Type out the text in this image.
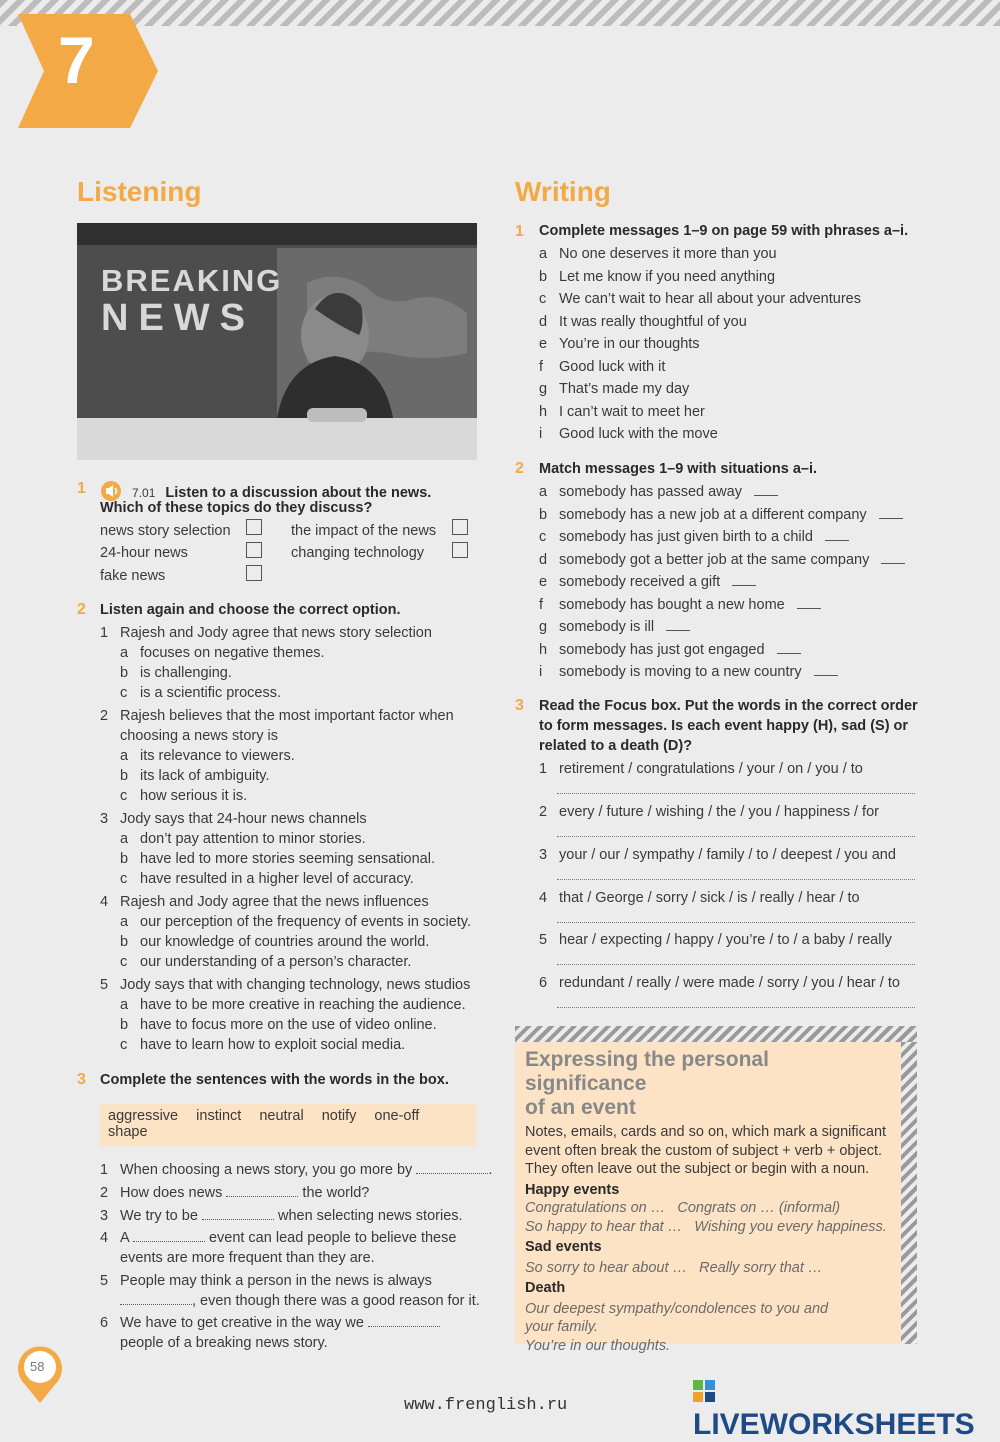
7
Listening
BREAKING
NEWS
1	7.01 Listen to a discussion about the news.
Which of these topics do they discuss?
news story selection
24-hour news
fake news
the impact of the news
changing technology
2 Listen again and choose the correct option.
1 Rajesh and Jody agree that news story selection
a focuses on negative themes.
b is challenging.
c is a scientific process.
2 Rajesh believes that the most important factor when
choosing a news story is
a its relevance to viewers.
b its lack of ambiguity.
c how serious it is.
3 Jody says that 24-hour news channels
a don’t pay attention to minor stories.
b have led to more stories seeming sensational.
c have resulted in a higher level of accuracy.
4 Rajesh and Jody agree that the news influences
a our perception of the frequency of events in society.
b our knowledge of countries around the world.
c our understanding of a person’s character.
5 Jody says that with changing technology, news studios
a have to be more creative in reaching the audience.
b have to focus more on the use of video online.
c have to learn how to exploit social media.
3 Complete the sentences with the words in the box.
aggressive instinct neutral notify one-off
shape
1 When choosing a news story, you go more by	.
2 How does news	the world?
3 We try to be	when selecting news stories.
4 A	event can lead people to believe these
events are more frequent than they are.
5 People may think a person in the news is always
, even though there was a good reason for it.
6 We have to get creative in the way we
people of a breaking news story.
Writing
1 Complete messages 1–9 on page 59 with phrases a–i.
a No one deserves it more than you
b Let me know if you need anything
c We can’t wait to hear all about your adventures
d It was really thoughtful of you
e You’re in our thoughts
f Good luck with it
g That’s made my day
h I can’t wait to meet her
i Good luck with the move
2 Match messages 1–9 with situations a–i.
a somebody has passed away
b somebody has a new job at a different company
c somebody has just given birth to a child
d somebody got a better job at the same company
e somebody received a gift
f somebody has bought a new home
g somebody is ill
h somebody has just got engaged
i somebody is moving to a new country
3 Read the Focus box. Put the words in the correct order
to form messages. Is each event happy (H), sad (S) or
related to a death (D)?
1 retirement / congratulations / your / on / you / to
2 every / future / wishing / the / you / happiness / for
3 your / our / sympathy / family / to / deepest / you and
4 that / George / sorry / sick / is / really / hear / to
5 hear / expecting / happy / you’re / to / a baby / really
6 redundant / really / were made / sorry / you / hear / to
Expressing the personal significance
of an event
Notes, emails, cards and so on, which mark a significant
event often break the custom of subject + verb + object.
They often leave out the subject or begin with a noun.
Happy events
Congratulations on … Congrats on … (informal)
So happy to hear that … Wishing you every happiness.
Sad events
So sorry to hear about … Really sorry that …
Death
Our deepest sympathy/condolences to you and
your family.
You’re in our thoughts.
58
www.frenglish.ru
LIVEWORKSHEETS
